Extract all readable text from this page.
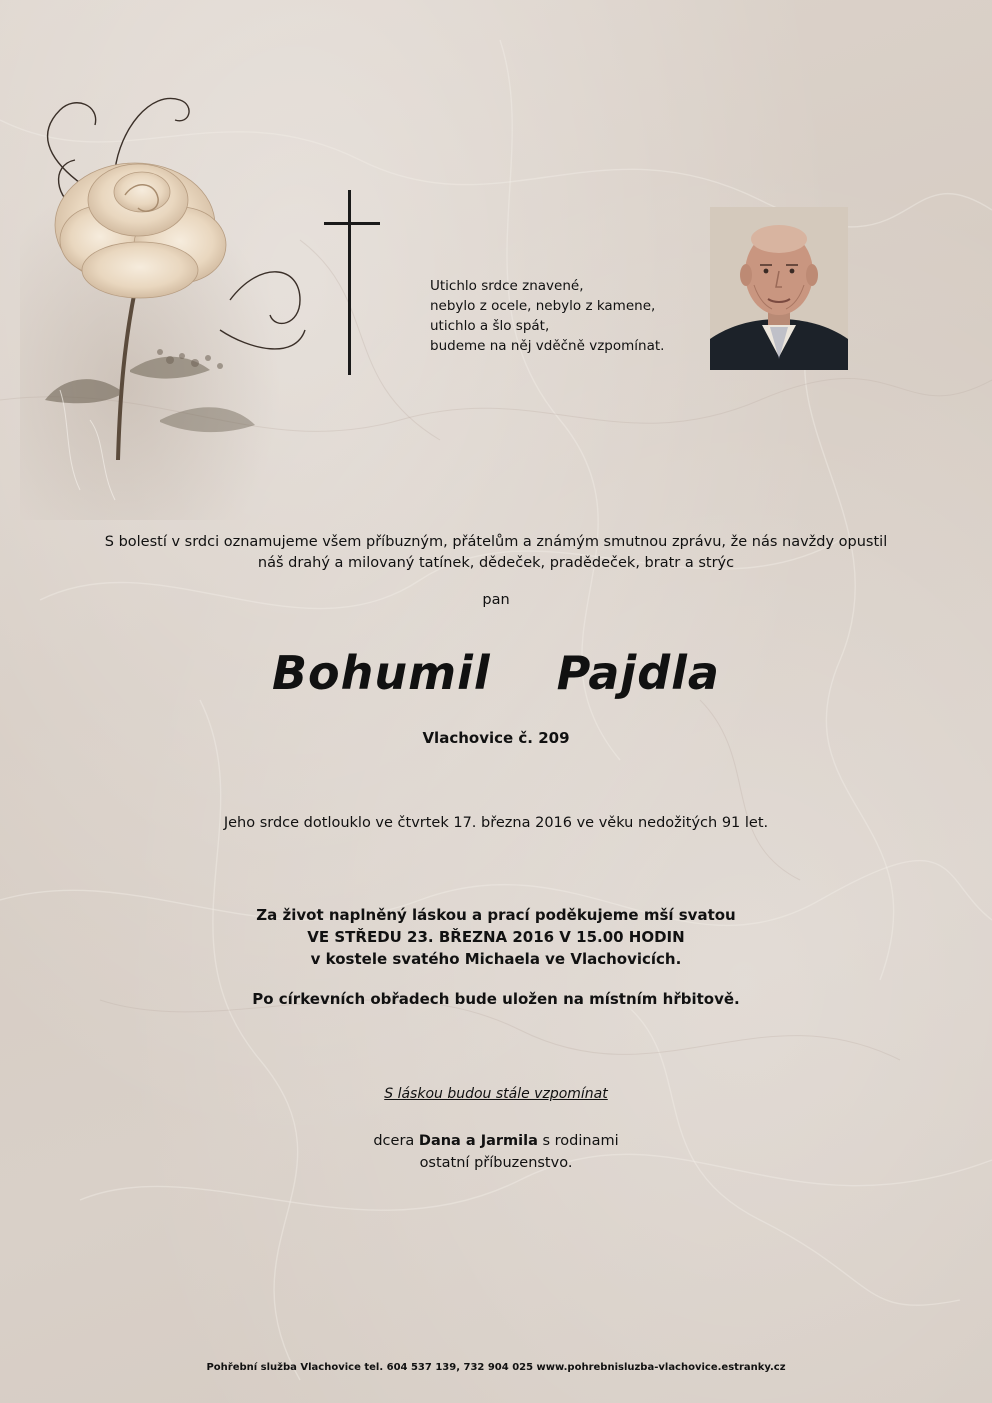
Utichlo srdce znavené,
nebylo z ocele, nebylo z kamene,
utichlo a šlo spát,
budeme na něj vděčně vzpomínat.
S bolestí v srdci oznamujeme všem příbuzným, přátelům a známým smutnou zprávu, že nás navždy opustil
náš drahý a milovaný tatínek, dědeček, pradědeček, bratr a strýc
pan
Bohumil  Pajdla
Vlachovice č. 209
Jeho srdce dotlouklo ve čtvrtek 17. března 2016 ve věku nedožitých 91 let.
Za život naplněný láskou a prací poděkujeme mší svatou
VE STŘEDU 23. BŘEZNA 2016 V 15.00 HODIN
v kostele svatého Michaela ve Vlachovicích.
Po církevních obřadech bude uložen na místním hřbitově.
S láskou budou stále vzpomínat
dcera Dana a Jarmila s rodinami
ostatní příbuzenstvo.
Pohřební služba Vlachovice tel. 604 537 139, 732 904 025 www.pohrebnisluzba-vlachovice.estranky.cz
